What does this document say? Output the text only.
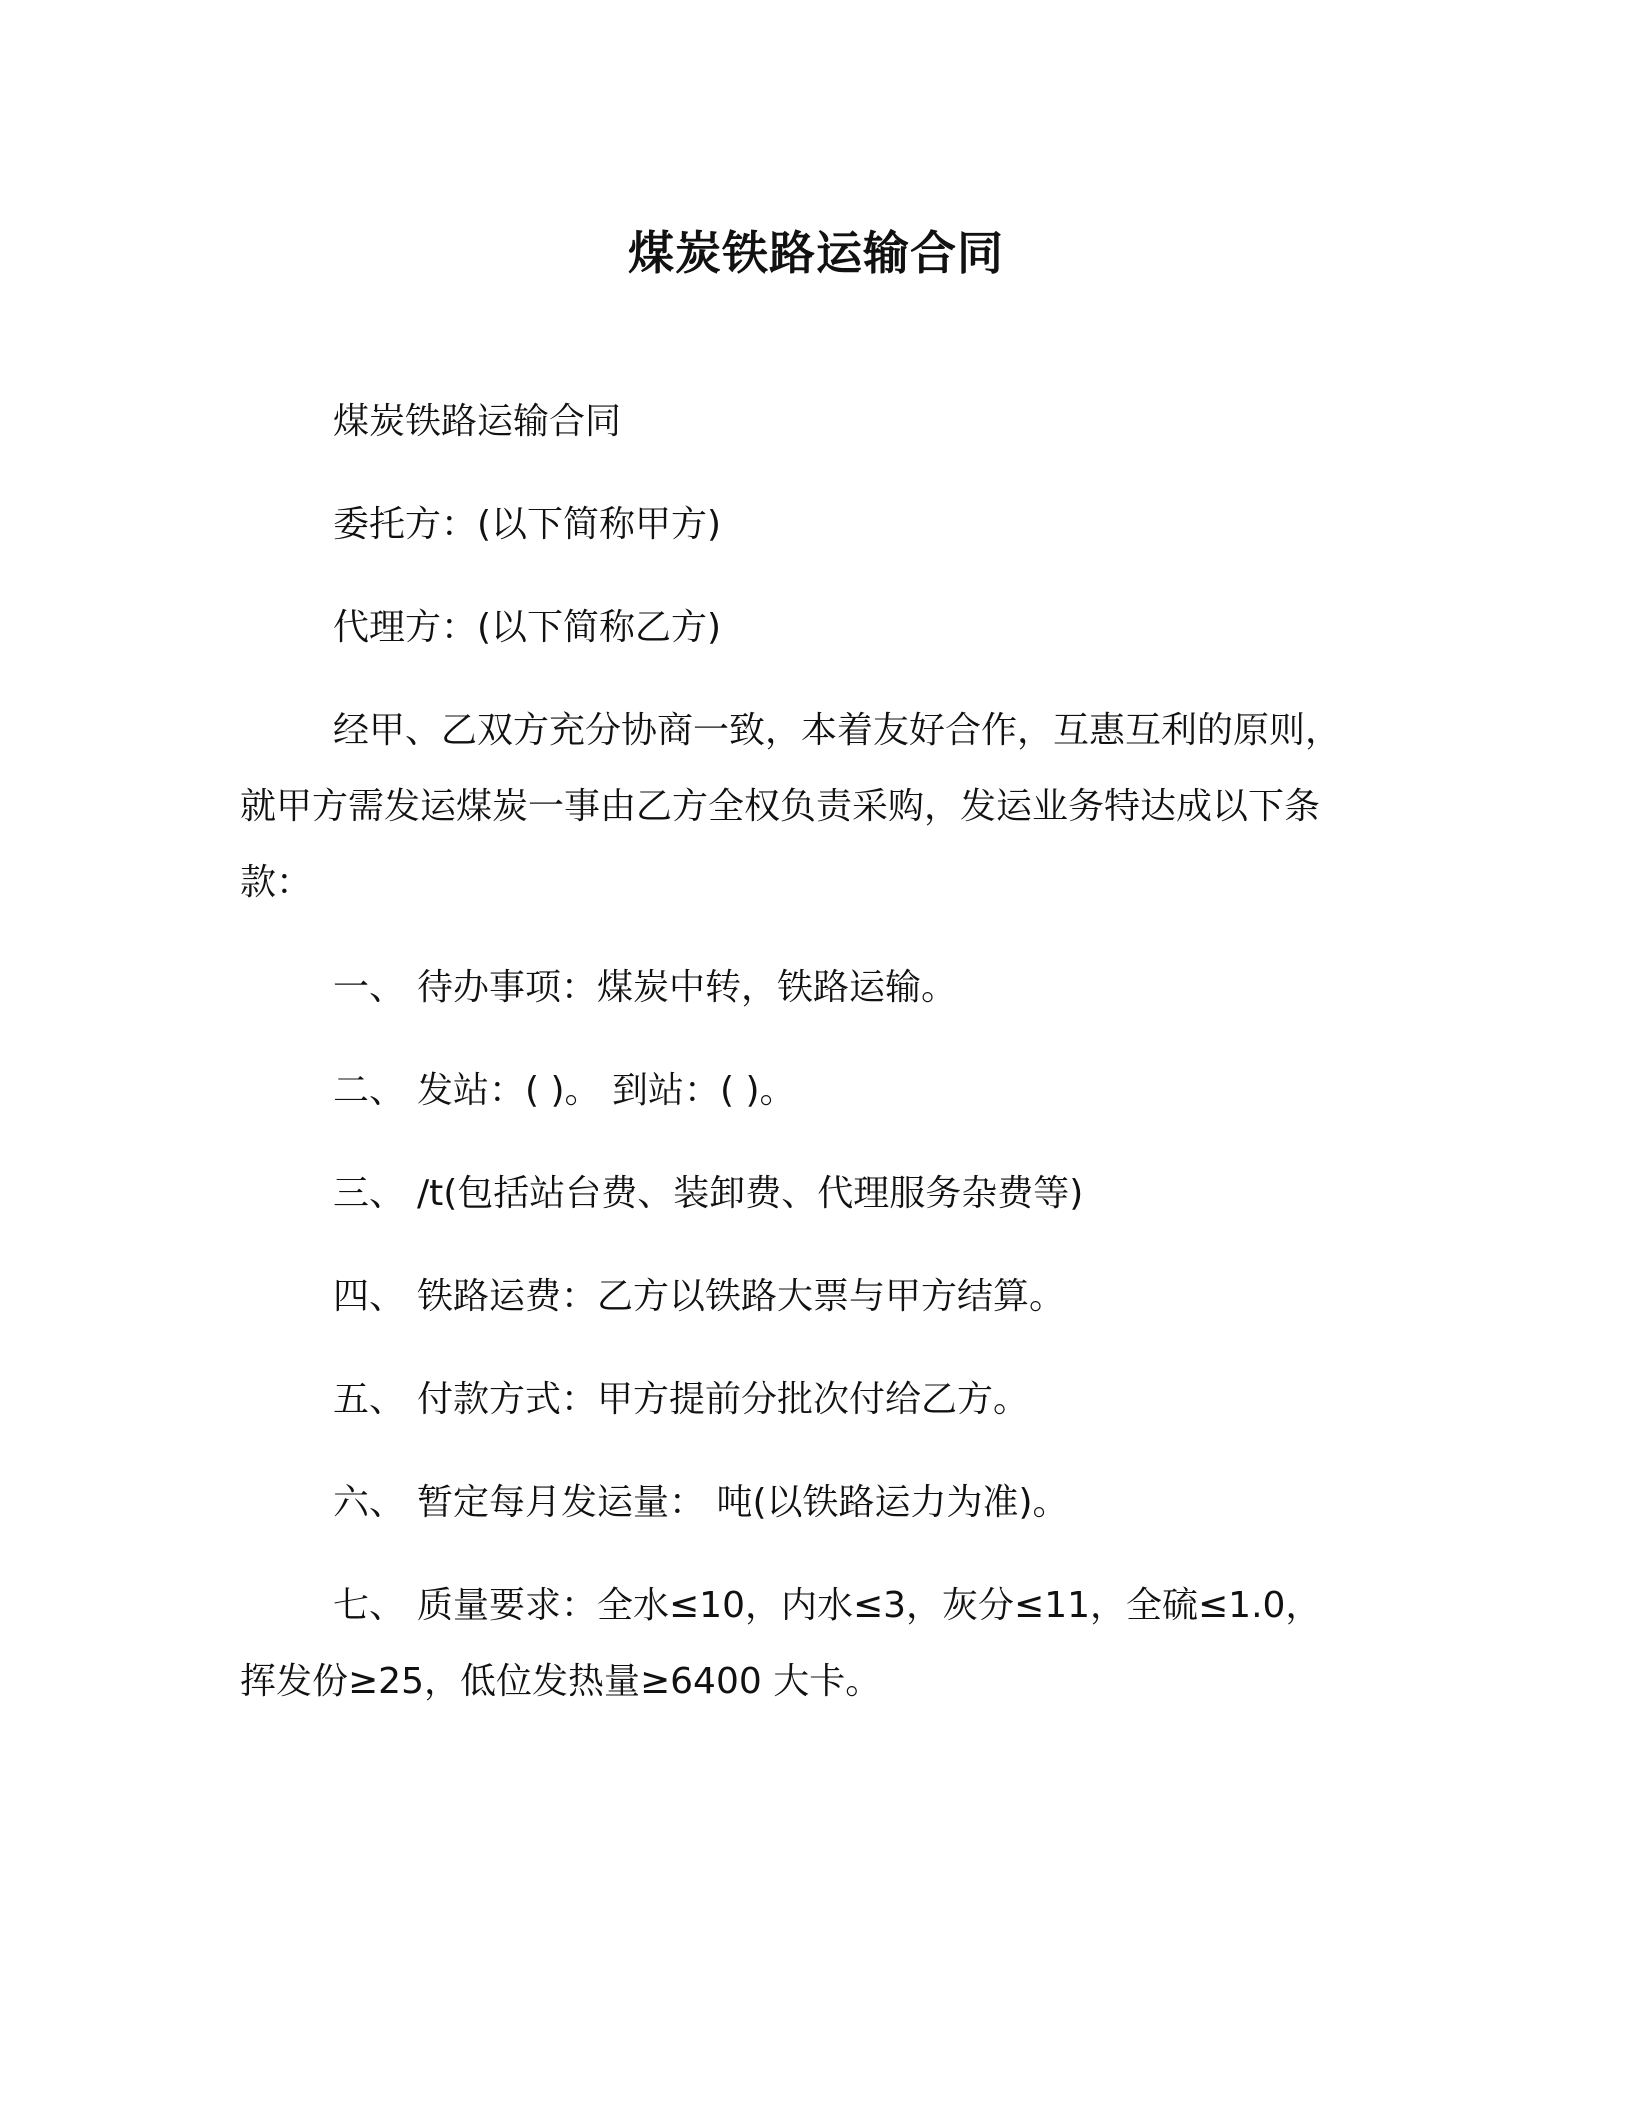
煤炭铁路运输合同
煤炭铁路运输合同
委托方：(以下简称甲方)
代理方：(以下简称乙方)
经甲、乙双方充分协商一致，本着友好合作，互惠互利的原则，
就甲方需发运煤炭一事由乙方全权负责采购，发运业务特达成以下条
款：
一、 待办事项：煤炭中转，铁路运输。
二、 发站：( )。 到站：( )。
三、 /t(包括站台费、装卸费、代理服务杂费等)
四、 铁路运费：乙方以铁路大票与甲方结算。
五、 付款方式：甲方提前分批次付给乙方。
六、 暂定每月发运量： 吨(以铁路运力为准)。
七、 质量要求：全水≤10，内水≤3，灰分≤11，全硫≤1.0，
挥发份≥25，低位发热量≥6400 大卡。
